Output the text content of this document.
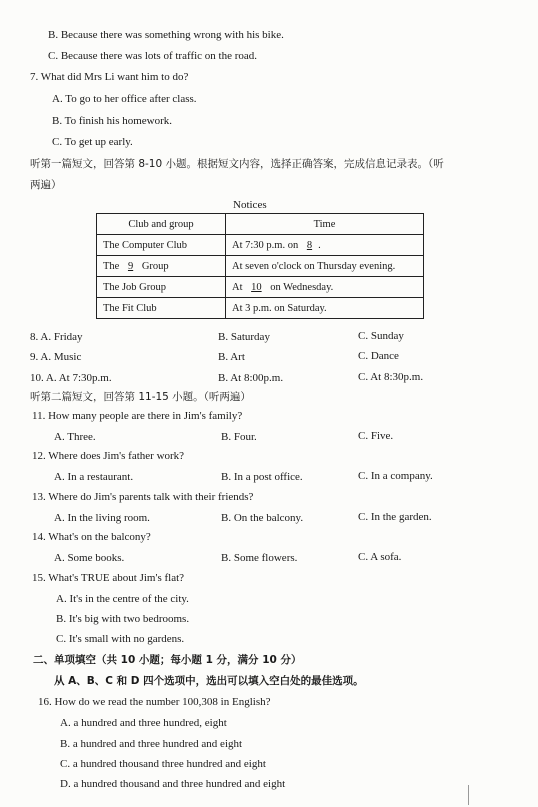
B. Because there was something wrong with his bike.
C. Because there was lots of traffic on the road.
7. What did Mrs Li want him to do?
A. To go to her office after class.
B. To finish his homework.
C. To get up early.
听第一篇短文，回答第 8-10 小题。根据短文内容，选择正确答案，完成信息记录表。（听
两遍）
Notices
Club and group	Time
The Computer Club	At 7:30 p.m. on 8 .
The 9 Group	At seven o'clock on Thursday evening.
The Job Group	At 10 on Wednesday.
The Fit Club	At 3 p.m. on Saturday.
8. A. Friday	B. Saturday	C. Sunday
9. A. Music	B. Art	C. Dance
10. A. At 7:30p.m.	B. At 8:00p.m.	C. At 8:30p.m.
听第二篇短文，回答第 11-15 小题。（听两遍）
11. How many people are there in Jim's family?
A. Three.	B. Four.	C. Five.
12. Where does Jim's father work?
A. In a restaurant.	B. In a post office.	C. In a company.
13. Where do Jim's parents talk with their friends?
A. In the living room.	B. On the balcony.	C. In the garden.
14. What's on the balcony?
A. Some books.	B. Some flowers.	C. A sofa.
15. What's TRUE about Jim's flat?
A. It's in the centre of the city.
B. It's big with two bedrooms.
C. It's small with no gardens.
二、单项填空（共 10 小题；每小题 1 分，满分 10 分）
从 A、B、C 和 D 四个选项中，选出可以填入空白处的最佳选项。
16. How do we read the number 100,308 in English?
A. a hundred and three hundred, eight
B. a hundred and three hundred and eight
C. a hundred thousand three hundred and eight
D. a hundred thousand and three hundred and eight
